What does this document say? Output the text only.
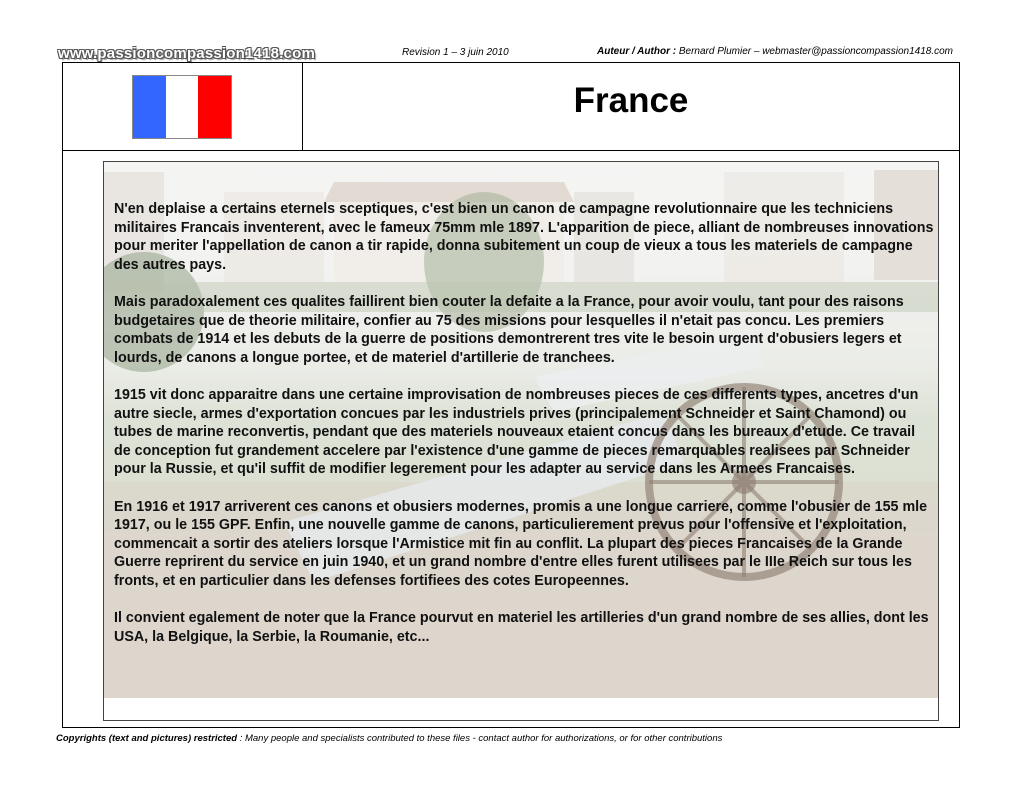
www.passioncompassion1418.com	Revision 1 – 3 juin 2010	Auteur / Author : Bernard Plumier – webmaster@passioncompassion1418.com
France

N'en deplaise a certains eternels sceptiques, c'est bien un canon de campagne revolutionnaire que les techniciens militaires Francais inventerent, avec le fameux 75mm mle 1897. L'apparition de piece, alliant de nombreuses innovations pour meriter l'appellation de canon a tir rapide, donna subitement un coup de vieux a tous les materiels de campagne des autres pays.

Mais paradoxalement ces qualites faillirent bien couter la defaite a la France, pour avoir voulu, tant pour des raisons budgetaires que de theorie militaire, confier au 75 des missions pour lesquelles il n'etait pas concu. Les premiers combats de 1914 et les debuts de la guerre de positions demontrerent tres vite le besoin urgent d'obusiers legers et lourds, de canons a longue portee, et de materiel d'artillerie de tranchees.

1915 vit donc apparaitre dans une certaine improvisation de nombreuses pieces de ces differents types, ancetres d'un autre siecle, armes d'exportation concues par les industriels prives (principalement Schneider et Saint Chamond) ou tubes de marine reconvertis, pendant que des materiels nouveaux etaient concus dans les bureaux d'etude. Ce travail de conception fut grandement accelere par l'existence d'une gamme de pieces remarquables realisees par Schneider pour la Russie, et qu'il suffit de modifier legerement pour les adapter au service dans les Armees Francaises.

En 1916 et 1917 arriverent ces canons et obusiers modernes, promis a une longue carriere, comme l'obusier de 155 mle 1917, ou le 155 GPF. Enfin, une nouvelle gamme de canons, particulierement prevus pour l'offensive et l'exploitation, commencait a sortir des ateliers lorsque l'Armistice mit fin au conflit. La plupart des pieces Francaises de la Grande Guerre reprirent du service en juin 1940, et un grand nombre d'entre elles furent utilisees par le IIIe Reich sur tous les fronts, et en particulier dans les defenses fortifiees des cotes Europeennes.

Il convient egalement de noter que la France pourvut en materiel les artilleries d'un grand nombre de ses allies, dont les USA, la Belgique, la Serbie, la Roumanie, etc...

Copyrights (text and pictures) restricted : Many people and specialists contributed to these files - contact author for authorizations, or for other contributions
